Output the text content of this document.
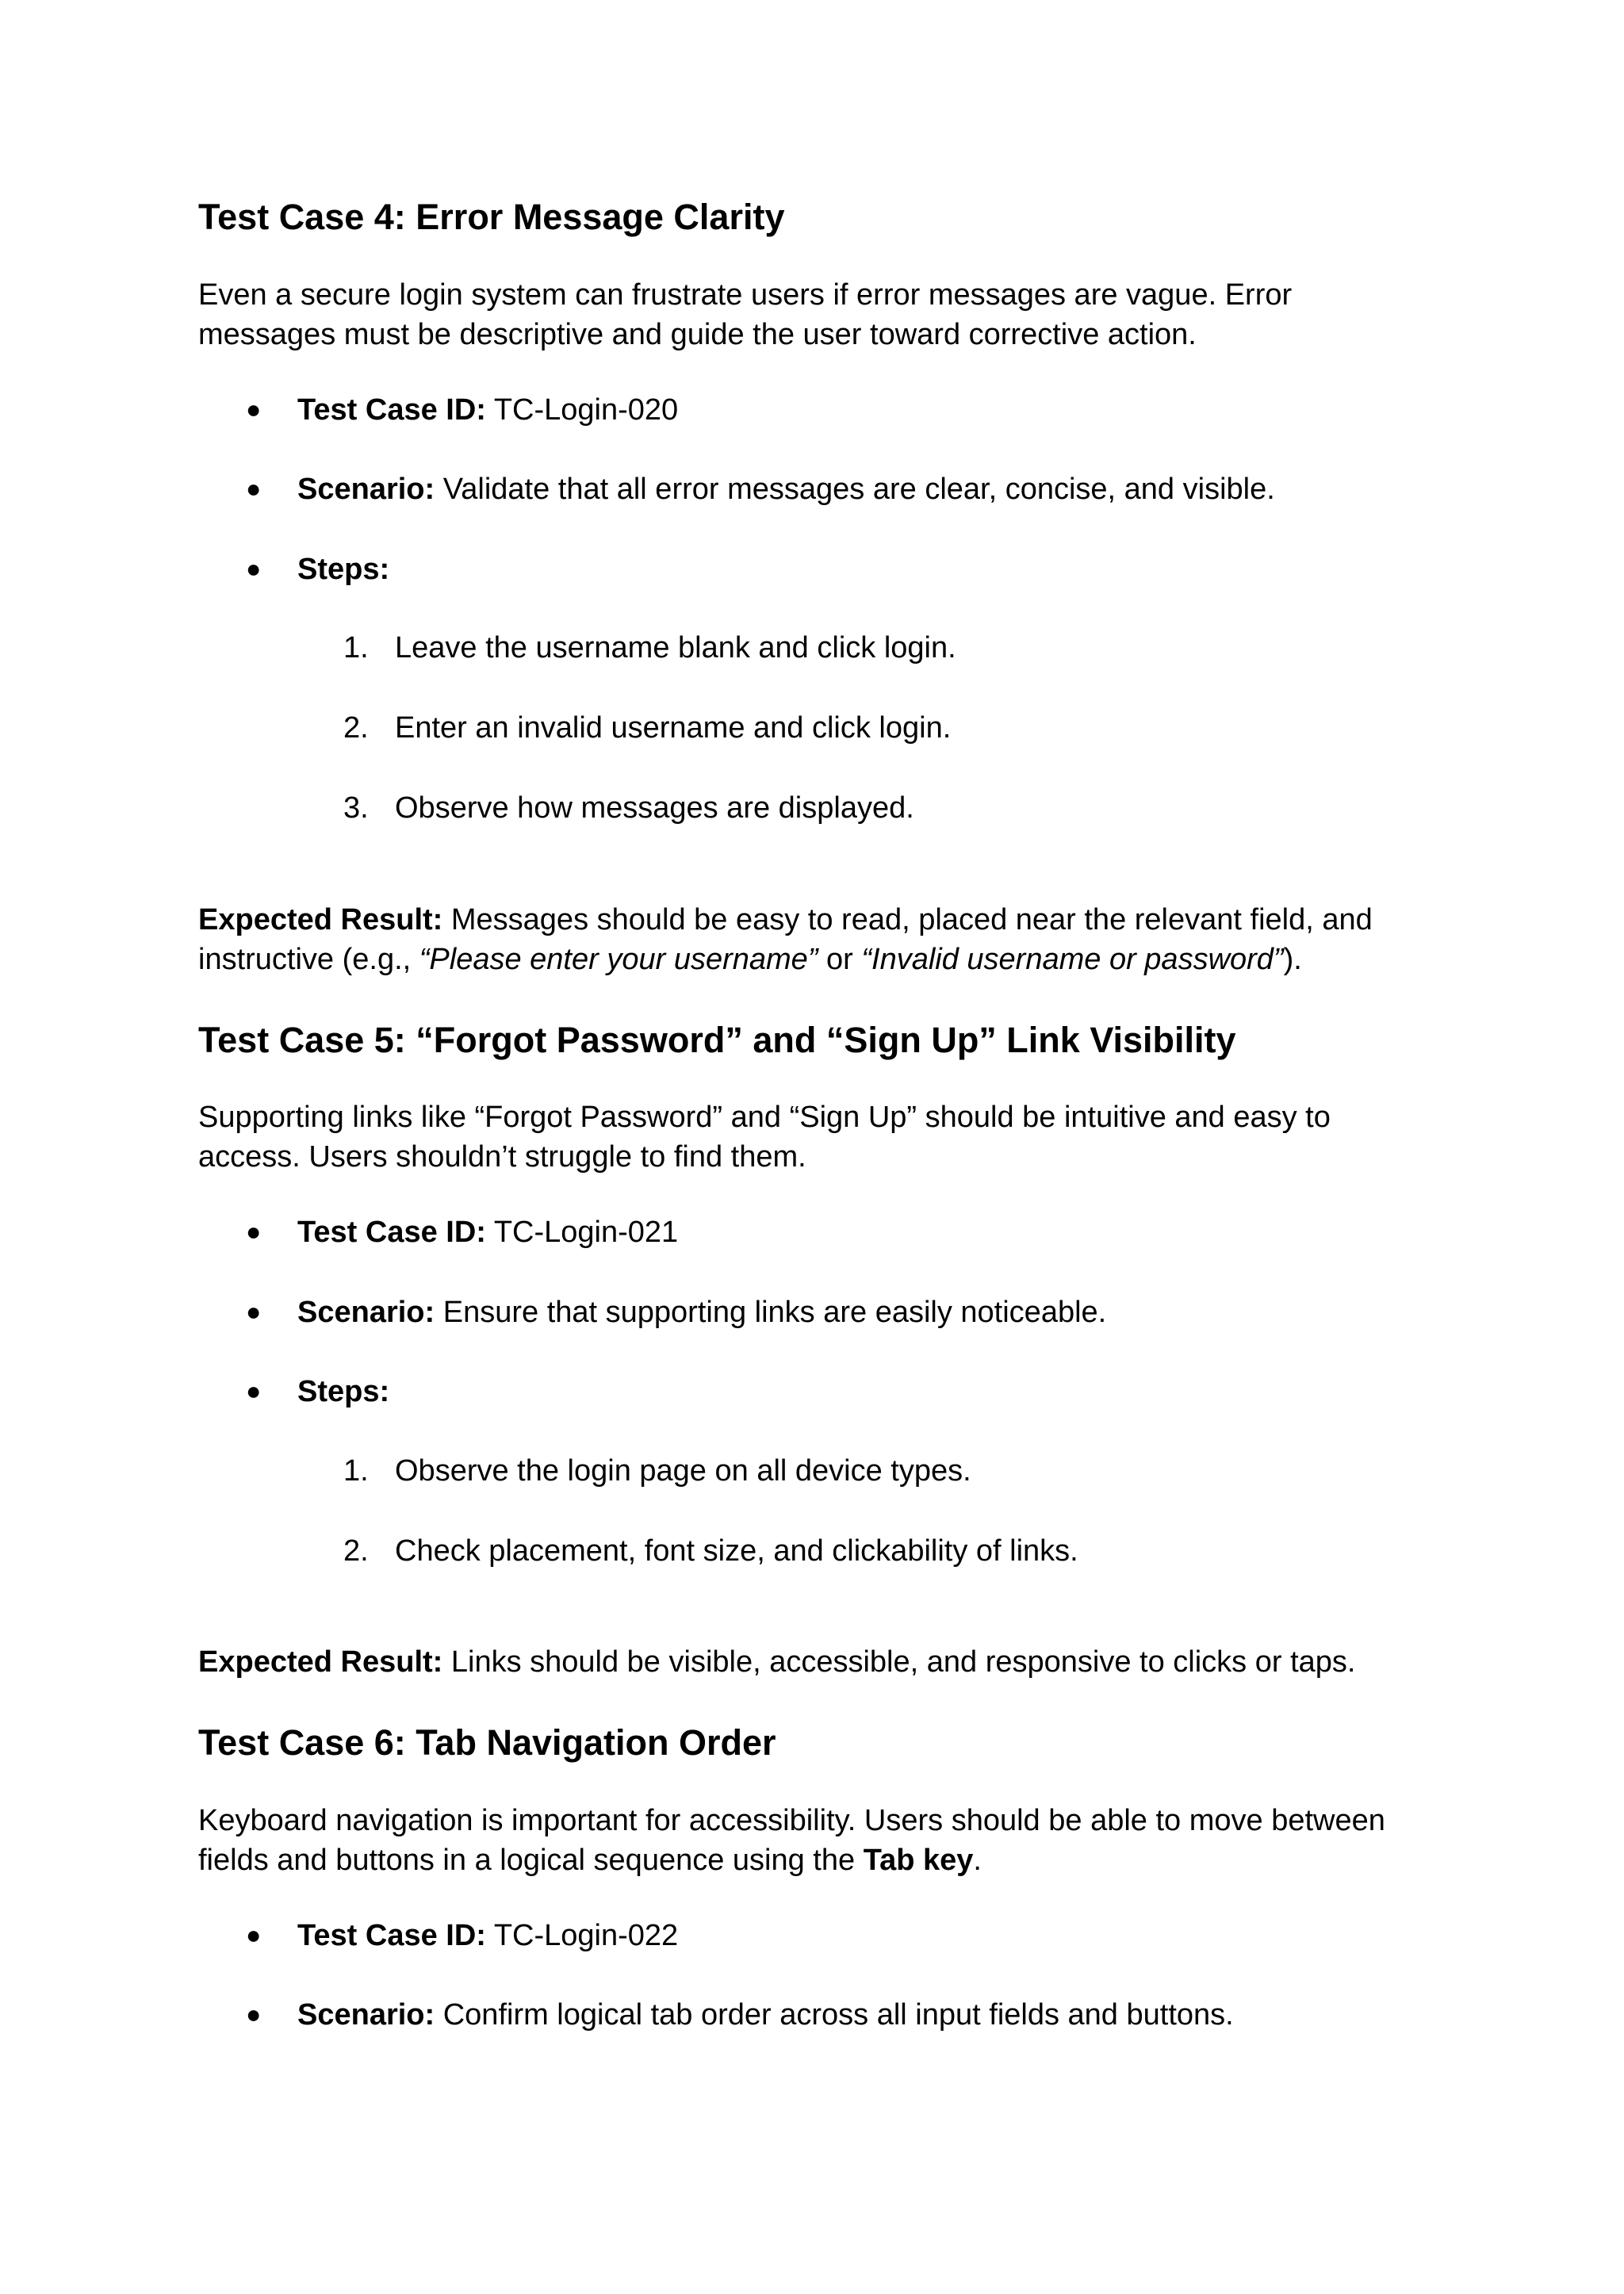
Test Case 4: Error Message Clarity
Even a secure login system can frustrate users if error messages are vague. Error
messages must be descriptive and guide the user toward corrective action.
● Test Case ID: TC-Login-020
● Scenario: Validate that all error messages are clear, concise, and visible.
● Steps:
1. Leave the username blank and click login.
2. Enter an invalid username and click login.
3. Observe how messages are displayed.
Expected Result: Messages should be easy to read, placed near the relevant field, and
instructive (e.g., “Please enter your username” or “Invalid username or password”).
Test Case 5: “Forgot Password” and “Sign Up” Link Visibility
Supporting links like “Forgot Password” and “Sign Up” should be intuitive and easy to
access. Users shouldn’t struggle to find them.
● Test Case ID: TC-Login-021
● Scenario: Ensure that supporting links are easily noticeable.
● Steps:
1. Observe the login page on all device types.
2. Check placement, font size, and clickability of links.
Expected Result: Links should be visible, accessible, and responsive to clicks or taps.
Test Case 6: Tab Navigation Order
Keyboard navigation is important for accessibility. Users should be able to move between
fields and buttons in a logical sequence using the Tab key.
● Test Case ID: TC-Login-022
● Scenario: Confirm logical tab order across all input fields and buttons.
